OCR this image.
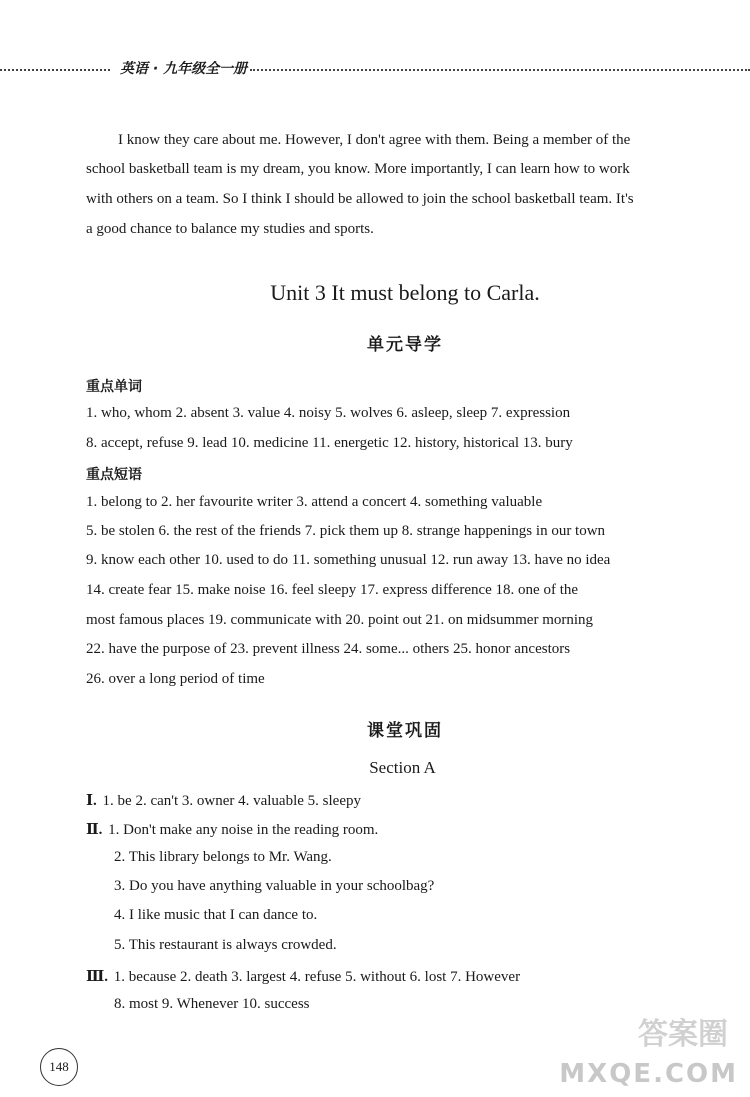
英语 · 九年级全一册
I know they care about me. However, I don't agree with them. Being a member of the
school basketball team is my dream, you know. More importantly, I can learn how to work
with others on a team. So I think I should be allowed to join the school basketball team. It's
a good chance to balance my studies and sports.
Unit 3 It must belong to Carla.
单元导学
重点单词
1. who, whom 2. absent 3. value 4. noisy 5. wolves 6. asleep, sleep 7. expression
8. accept, refuse 9. lead 10. medicine 11. energetic 12. history, historical 13. bury
重点短语
1. belong to 2. her favourite writer 3. attend a concert 4. something valuable
5. be stolen 6. the rest of the friends 7. pick them up 8. strange happenings in our town
9. know each other 10. used to do 11. something unusual 12. run away 13. have no idea
14. create fear 15. make noise 16. feel sleepy 17. express difference 18. one of the
most famous places 19. communicate with 20. point out 21. on midsummer morning
22. have the purpose of 23. prevent illness 24. some... others 25. honor ancestors
26. over a long period of time
课堂巩固
Section A
Ⅰ. 1. be 2. can't 3. owner 4. valuable 5. sleepy
Ⅱ. 1. Don't make any noise in the reading room.
2. This library belongs to Mr. Wang.
3. Do you have anything valuable in your schoolbag?
4. I like music that I can dance to.
5. This restaurant is always crowded.
Ⅲ. 1. because 2. death 3. largest 4. refuse 5. without 6. lost 7. However
8. most 9. Whenever 10. success
148
答案圈
MXQE.COM
